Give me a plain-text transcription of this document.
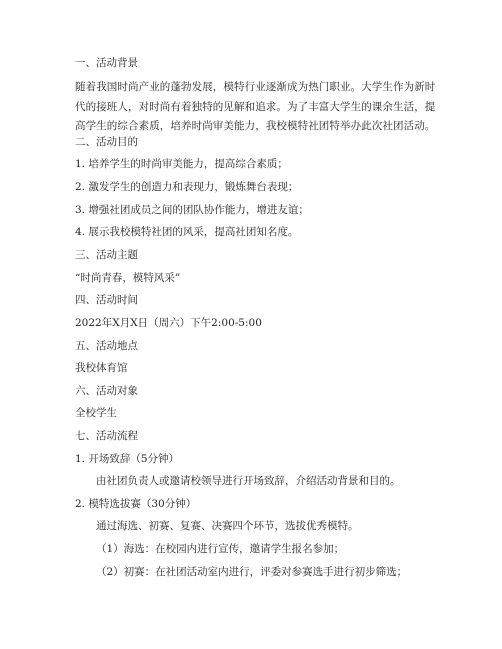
一、活动背景
随着我国时尚产业的蓬勃发展，模特行业逐渐成为热门职业。大学生作为新时代的接班人，对时尚有着独特的见解和追求。为了丰富大学生的课余生活，提高学生的综合素质，培养时尚审美能力，我校模特社团特举办此次社团活动。
二、活动目的
1. 培养学生的时尚审美能力，提高综合素质；
2. 激发学生的创造力和表现力，锻炼舞台表现；
3. 增强社团成员之间的团队协作能力，增进友谊；
4. 展示我校模特社团的风采，提高社团知名度。
三、活动主题
“时尚青春，模特风采”
四、活动时间
2022年X月X日（周六）下午2:00-5:00
五、活动地点
我校体育馆
六、活动对象
全校学生
七、活动流程
1. 开场致辞（5分钟）
由社团负责人或邀请校领导进行开场致辞，介绍活动背景和目的。
2. 模特选拔赛（30分钟）
通过海选、初赛、复赛、决赛四个环节，选拔优秀模特。
（1）海选：在校园内进行宣传，邀请学生报名参加；
（2）初赛：在社团活动室内进行，评委对参赛选手进行初步筛选；
